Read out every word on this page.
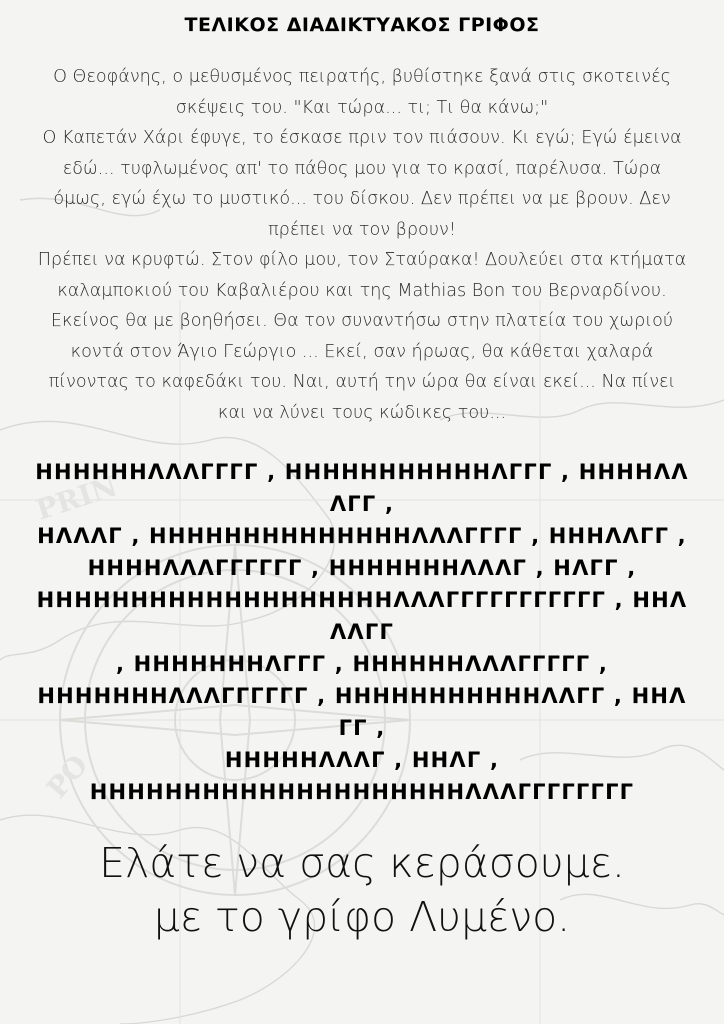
PRIN
PO
ΤΕΛΙΚΟΣ ΔΙΑΔΙΚΤΥΑΚΟΣ ΓΡΙΦΟΣ

Ο Θεοφάνης, ο μεθυσμένος πειρατής, βυθίστηκε ξανά στις σκοτεινές σκέψεις του. "Και τώρα... τι; Τι θα κάνω;"

Ο Καπετάν Χάρι έφυγε, το έσκασε πριν τον πιάσουν. Κι εγώ; Εγώ έμεινα εδώ... τυφλωμένος απ' το πάθος μου για το κρασί, παρέλυσα. Τώρα όμως, εγώ έχω το μυστικό... του δίσκου. Δεν πρέπει να με βρουν. Δεν πρέπει να τον βρουν!

Πρέπει να κρυφτώ. Στον φίλο μου, τον Σταύρακα! Δουλεύει στα κτήματα καλαμποκιού του Καβαλιέρου και της Mathias Bon του Βερναρδίνου. Εκείνος θα με βοηθήσει. Θα τον συναντήσω στην πλατεία του χωριού κοντά στον Άγιο Γεώργιο ... Εκεί, σαν ήρωας, θα κάθεται χαλαρά πίνοντας το καφεδάκι του. Ναι, αυτή την ώρα θα είναι εκεί... Να πίνει και να λύνει τους κώδικες του...

ΗΗΗΗΗΗΛΛΛΓΓΓΓ , ΗΗΗΗΗΗΗΗΗΗΗΛΓΓΓ , ΗΗΗΗΛΛΛΓΓ ,
ΗΛΛΛΓ , ΗΗΗΗΗΗΗΗΗΗΗΗΗΗΛΛΛΓΓΓΓ , ΗΗΗΛΛΓΓ ,
ΗΗΗΗΛΛΛΓΓΓΓΓΓ , ΗΗΗΗΗΗΗΛΛΛΓ , ΗΛΓΓ ,
ΗΗΗΗΗΗΗΗΗΗΗΗΗΗΗΗΗΗΗΛΛΛΓΓΓΓΓΓΓΓΓΓΓ , ΗΗΛΛΛΓΓ
, ΗΗΗΗΗΗΗΛΓΓΓ , ΗΗΗΗΗΗΛΛΛΓΓΓΓΓ ,
ΗΗΗΗΗΗΗΛΛΛΓΓΓΓΓΓ , ΗΗΗΗΗΗΗΗΗΗΗΛΛΓΓ , ΗΗΛΓΓ ,
ΗΗΗΗΗΛΛΛΓ , ΗΗΛΓ ,
ΗΗΗΗΗΗΗΗΗΗΗΗΗΗΗΗΗΗΗΗΛΛΛΓΓΓΓΓΓΓΓ
Ελάτε να σας κεράσουμε.
με το γρίφο Λυμένο.
